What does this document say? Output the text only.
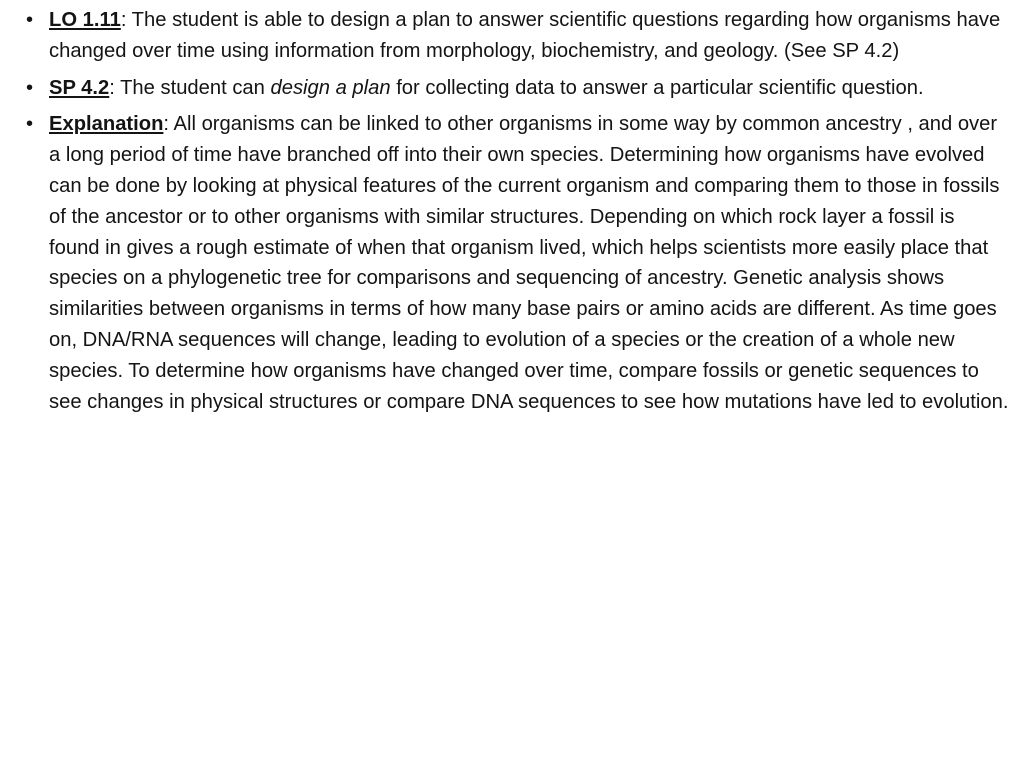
• LO 1.11: The student is able to design a plan to answer scientific questions regarding how organisms have changed over time using information from morphology, biochemistry, and geology. (See SP 4.2)
• SP 4.2: The student can design a plan for collecting data to answer a particular scientific question.
• Explanation: All organisms can be linked to other organisms in some way by common ancestry , and over a long period of time have branched off into their own species. Determining how organisms have evolved can be done by looking at physical features of the current organism and comparing them to those in fossils of the ancestor or to other organisms with similar structures. Depending on which rock layer a fossil is found in gives a rough estimate of when that organism lived, which helps scientists more easily place that species on a phylogenetic tree for comparisons and sequencing of ancestry. Genetic analysis shows similarities between organisms in terms of how many base pairs or amino acids are different. As time goes on, DNA/RNA sequences will change, leading to evolution of a species or the creation of a whole new species. To determine how organisms have changed over time, compare fossils or genetic sequences to see changes in physical structures or compare DNA sequences to see how mutations have led to evolution.
